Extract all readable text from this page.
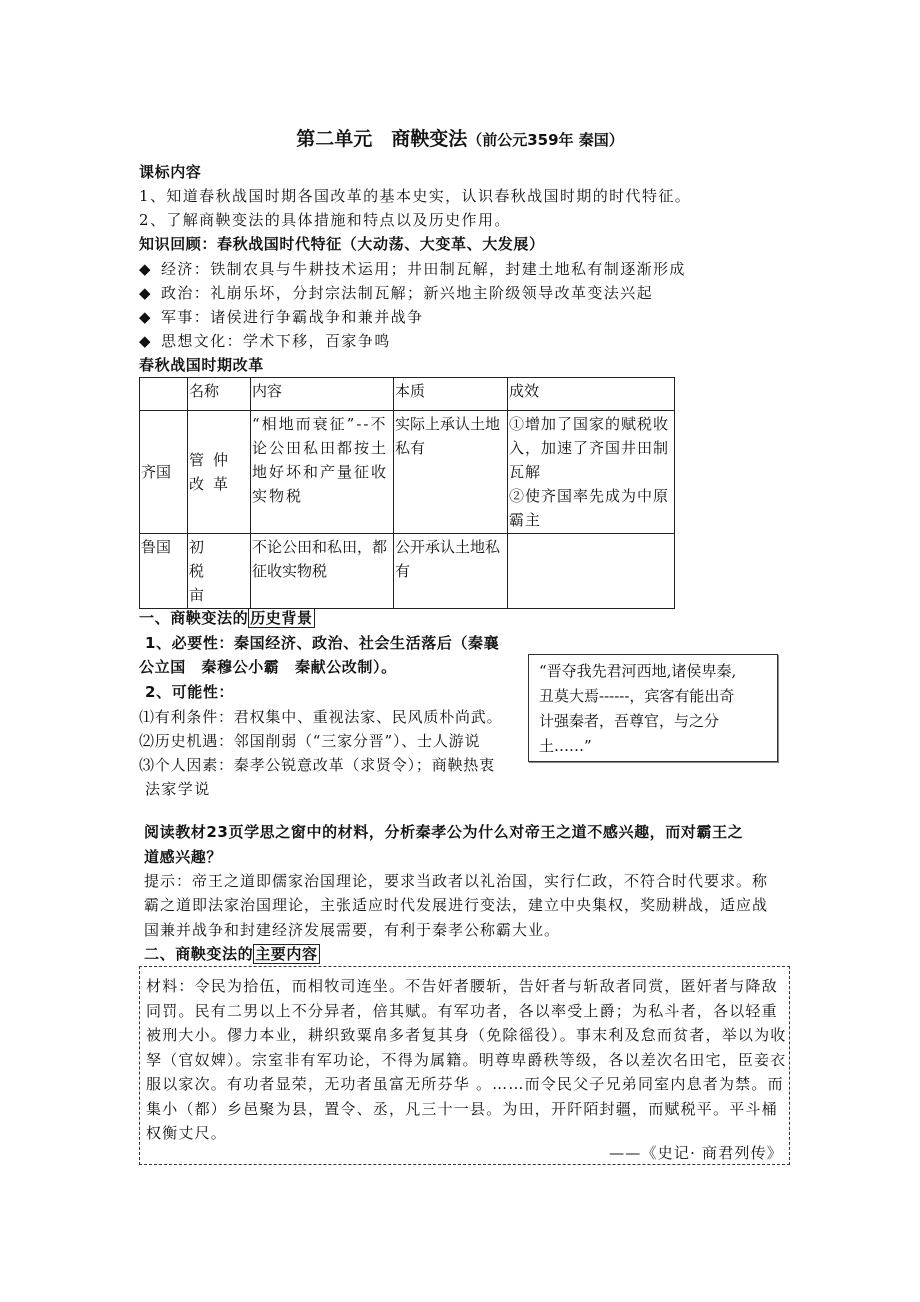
第二单元　商鞅变法（前公元359年 秦国）
课标内容
1、知道春秋战国时期各国改革的基本史实，认识春秋战国时期的时代特征。
2、了解商鞅变法的具体措施和特点以及历史作用。
知识回顾：春秋战国时代特征（大动荡、大变革、大发展）
◆ 经济：铁制农具与牛耕技术运用；井田制瓦解，封建土地私有制逐渐形成
◆ 政治：礼崩乐坏，分封宗法制瓦解；新兴地主阶级领导改革变法兴起
◆ 军事：诸侯进行争霸战争和兼并战争
◆ 思想文化：学术下移，百家争鸣
春秋战国时期改革
	名称	内容	本质	成效
齐国	管仲改革	“相地而衰征”--不论公田私田都按土地好坏和产量征收实物税	实际上承认土地私有	①增加了国家的赋税收入，加速了齐国井田制瓦解
②使齐国率先成为中原霸主
鲁国	初税亩	不论公田和私田，都征收实物税	公开承认土地私有	
一、商鞅变法的 历史背景
1、必要性：秦国经济、政治、社会生活落后（秦襄
公立国　秦穆公小霸　秦献公改制）。
2、可能性：
⑴有利条件：君权集中、重视法家、民风质朴尚武。
⑵历史机遇：邻国削弱（“三家分晋”）、士人游说
⑶个人因素：秦孝公锐意改革（求贤令）；商鞅热衷
法家学说
“晋夺我先君河西地,诸侯卑秦,
丑莫大焉------，宾客有能出奇
计强秦者，吾尊官，与之分
土……”
阅读教材23页学思之窗中的材料，分析秦孝公为什么对帝王之道不感兴趣，而对霸王之
道感兴趣？
提示：帝王之道即儒家治国理论，要求当政者以礼治国，实行仁政，不符合时代要求。称
霸之道即法家治国理论，主张适应时代发展进行变法，建立中央集权，奖励耕战，适应战
国兼并战争和封建经济发展需要，有利于秦孝公称霸大业。
二、商鞅变法的 主要内容
材料：令民为拾伍，而相牧司连坐。不告奸者腰斩，告奸者与斩敌者同赏，匿奸者与降敌
同罚。民有二男以上不分异者，倍其赋。有军功者，各以率受上爵；为私斗者，各以轻重
被刑大小。僇力本业，耕织致粟帛多者复其身（免除徭役）。事末利及怠而贫者，举以为收
孥（官奴婢）。宗室非有军功论，不得为属籍。明尊卑爵秩等级，各以差次名田宅，臣妾衣
服以家次。有功者显荣，无功者虽富无所芬华 。……而令民父子兄弟同室内息者为禁。而
集小（都）乡邑聚为县，置令、丞，凡三十一县。为田，开阡陌封疆，而赋税平。平斗桶
权衡丈尺。
——《史记· 商君列传》
